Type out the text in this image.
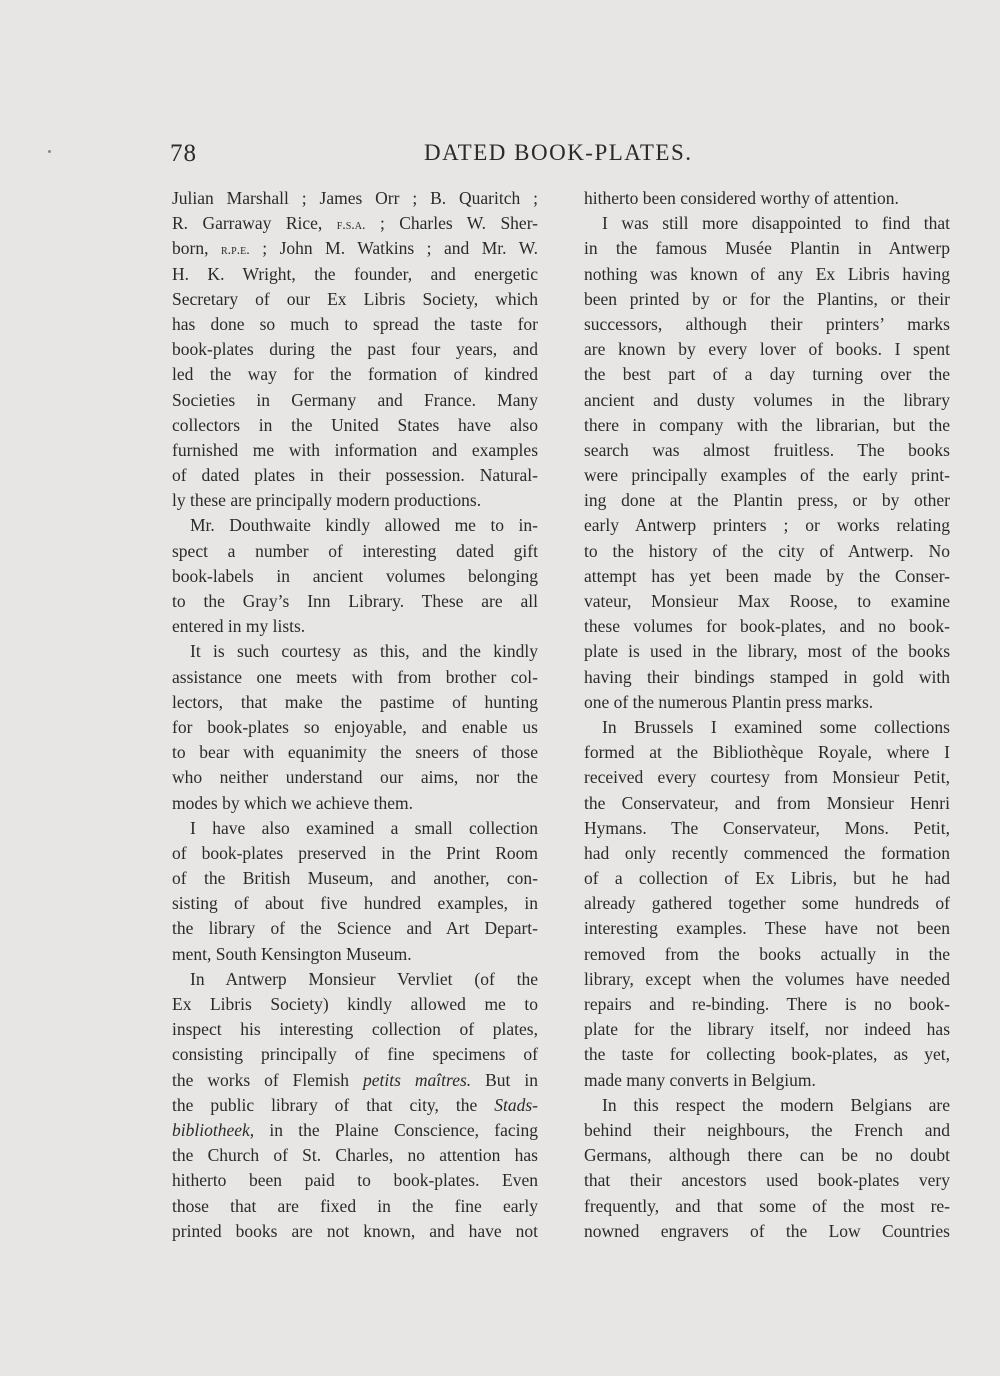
78	DATED BOOK-PLATES.
Julian Marshall ; James Orr ; B. Quaritch ;
R. Garraway Rice, f.s.a. ; Charles W. Sher-
born, r.p.e. ; John M. Watkins ; and Mr. W.
H. K. Wright, the founder, and energetic
Secretary of our Ex Libris Society, which
has done so much to spread the taste for
book-plates during the past four years, and
led the way for the formation of kindred
Societies in Germany and France. Many
collectors in the United States have also
furnished me with information and examples
of dated plates in their possession. Natural-
ly these are principally modern productions.
Mr. Douthwaite kindly allowed me to in-
spect a number of interesting dated gift
book-labels in ancient volumes belonging
to the Gray’s Inn Library. These are all
entered in my lists.
It is such courtesy as this, and the kindly
assistance one meets with from brother col-
lectors, that make the pastime of hunting
for book-plates so enjoyable, and enable us
to bear with equanimity the sneers of those
who neither understand our aims, nor the
modes by which we achieve them.
I have also examined a small collection
of book-plates preserved in the Print Room
of the British Museum, and another, con-
sisting of about five hundred examples, in
the library of the Science and Art Depart-
ment, South Kensington Museum.
In Antwerp Monsieur Vervliet (of the
Ex Libris Society) kindly allowed me to
inspect his interesting collection of plates,
consisting principally of fine specimens of
the works of Flemish petits maîtres. But in
the public library of that city, the Stads-
bibliotheek, in the Plaine Conscience, facing
the Church of St. Charles, no attention has
hitherto been paid to book-plates. Even
those that are fixed in the fine early
printed books are not known, and have not
hitherto been considered worthy of attention.
I was still more disappointed to find that
in the famous Musée Plantin in Antwerp
nothing was known of any Ex Libris having
been printed by or for the Plantins, or their
successors, although their printers’ marks
are known by every lover of books. I spent
the best part of a day turning over the
ancient and dusty volumes in the library
there in company with the librarian, but the
search was almost fruitless. The books
were principally examples of the early print-
ing done at the Plantin press, or by other
early Antwerp printers ; or works relating
to the history of the city of Antwerp. No
attempt has yet been made by the Conser-
vateur, Monsieur Max Roose, to examine
these volumes for book-plates, and no book-
plate is used in the library, most of the books
having their bindings stamped in gold with
one of the numerous Plantin press marks.
In Brussels I examined some collections
formed at the Bibliothèque Royale, where I
received every courtesy from Monsieur Petit,
the Conservateur, and from Monsieur Henri
Hymans. The Conservateur, Mons. Petit,
had only recently commenced the formation
of a collection of Ex Libris, but he had
already gathered together some hundreds of
interesting examples. These have not been
removed from the books actually in the
library, except when the volumes have needed
repairs and re-binding. There is no book-
plate for the library itself, nor indeed has
the taste for collecting book-plates, as yet,
made many converts in Belgium.
In this respect the modern Belgians are
behind their neighbours, the French and
Germans, although there can be no doubt
that their ancestors used book-plates very
frequently, and that some of the most re-
nowned engravers of the Low Countries
